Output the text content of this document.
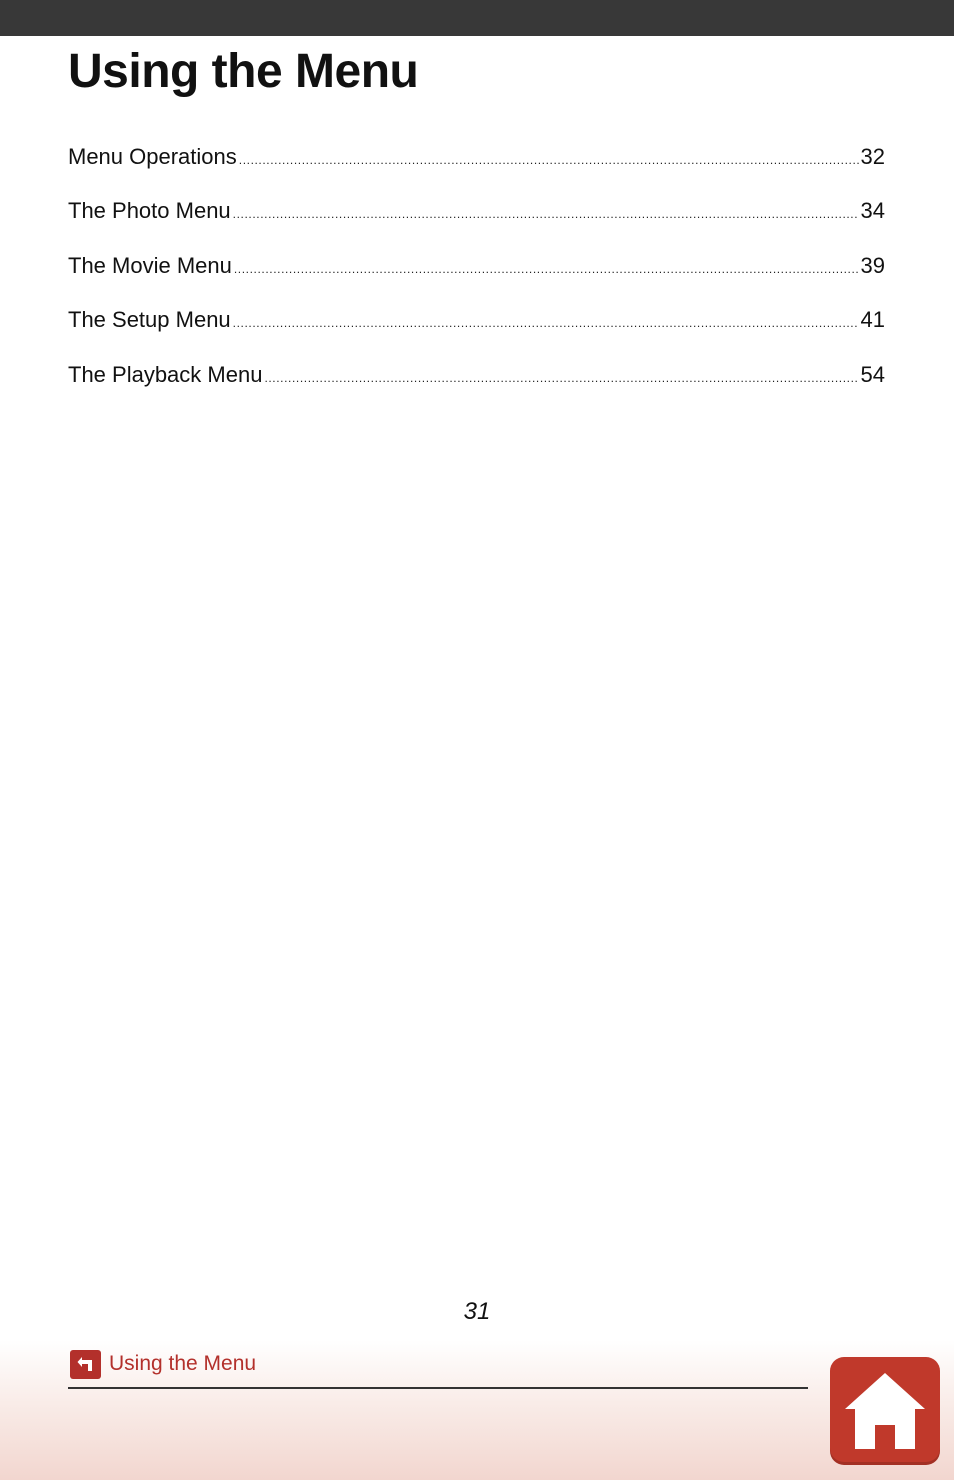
Using the Menu
Menu Operations .....	32
The Photo Menu .....	34
The Movie Menu .....	39
The Setup Menu .....	41
The Playback Menu .....	54
31
Using the Menu
